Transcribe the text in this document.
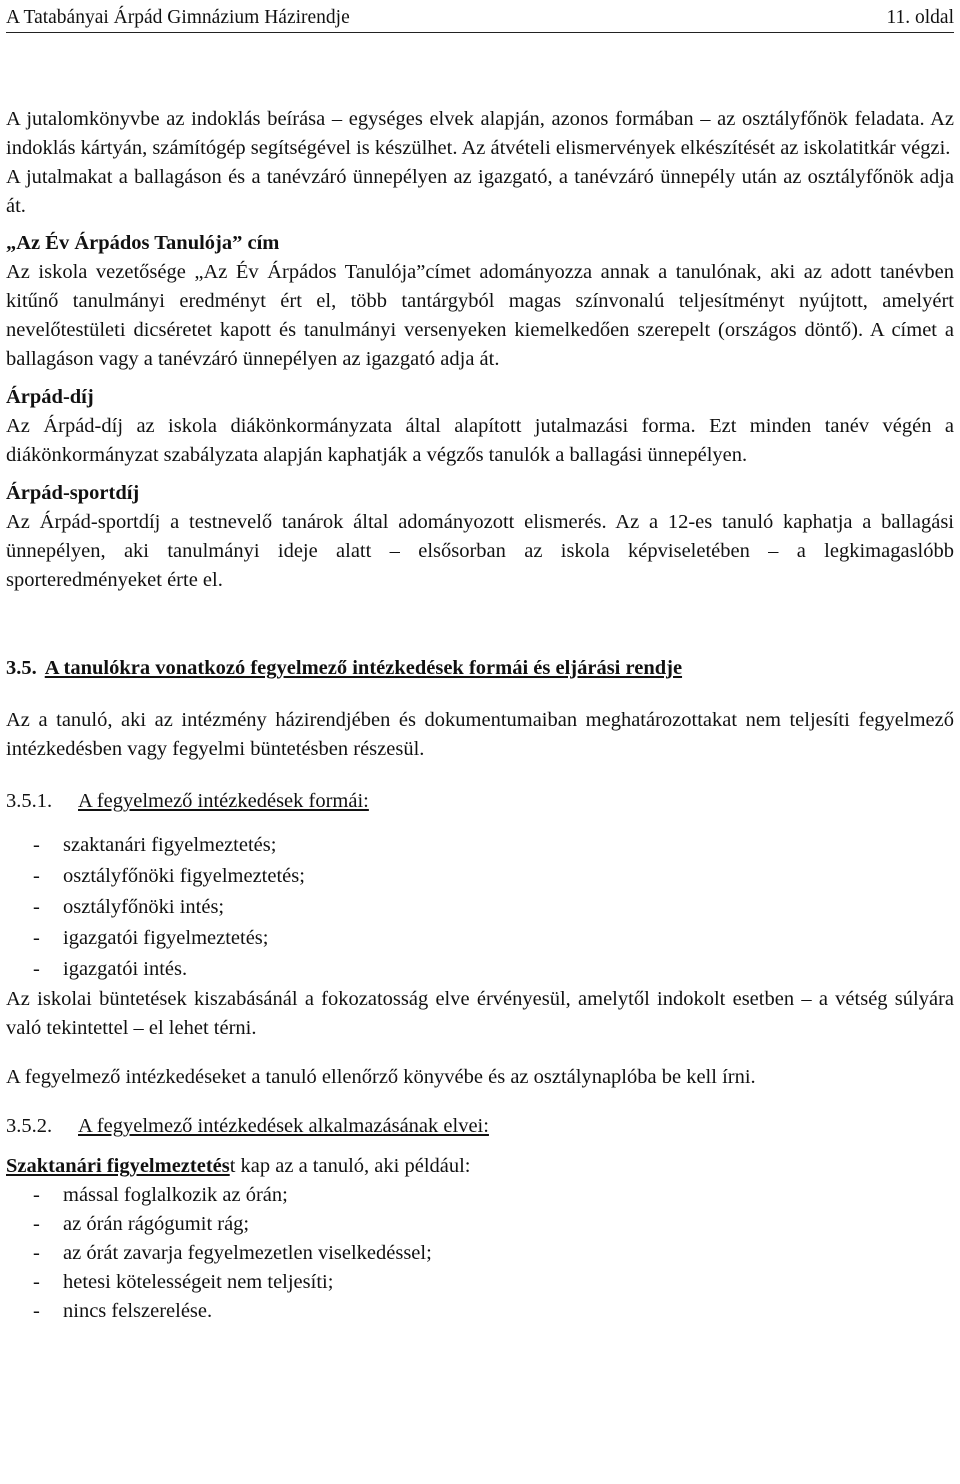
A Tatabányai Árpád Gimnázium Házirendje	11. oldal

A jutalomkönyvbe az indoklás beírása – egységes elvek alapján, azonos formában – az osztályfőnök feladata. Az indoklás kártyán, számítógép segítségével is készülhet. Az átvételi elismervények elkészítését az iskolatitkár végzi.

A jutalmakat a ballagáson és a tanévzáró ünnepélyen az igazgató, a tanévzáró ünnepély után az osztályfőnök adja át.

„Az Év Árpádos Tanulója” cím

Az iskola vezetősége „Az Év Árpádos Tanulója”címet adományozza annak a tanulónak, aki az adott tanévben kitűnő tanulmányi eredményt ért el, több tantárgyból magas színvonalú teljesítményt nyújtott, amelyért nevelőtestületi dicséretet kapott és tanulmányi versenyeken kiemelkedően szerepelt (országos döntő). A címet a ballagáson vagy a tanévzáró ünnepélyen az igazgató adja át.

Árpád-díj

Az Árpád-díj az iskola diákönkormányzata által alapított jutalmazási forma. Ezt minden tanév végén a diákönkormányzat szabályzata alapján kaphatják a végzős tanulók a ballagási ünnepélyen.

Árpád-sportdíj

Az Árpád-sportdíj a testnevelő tanárok által adományozott elismerés. Az a 12-es tanuló kaphatja a ballagási ünnepélyen, aki tanulmányi ideje alatt – elsősorban az iskola képviseletében – a legkimagaslóbb sporteredményeket érte el.

3.5. A tanulókra vonatkozó fegyelmező intézkedések formái és eljárási rendje

Az a tanuló, aki az intézmény házirendjében és dokumentumaiban meghatározottakat nem teljesíti fegyelmező intézkedésben vagy fegyelmi büntetésben részesül.

3.5.1. A fegyelmező intézkedések formái:

- szaktanári figyelmeztetés;
- osztályfőnöki figyelmeztetés;
- osztályfőnöki intés;
- igazgatói figyelmeztetés;
- igazgatói intés.

Az iskolai büntetések kiszabásánál a fokozatosság elve érvényesül, amelytől indokolt esetben – a vétség súlyára való tekintettel – el lehet térni.

A fegyelmező intézkedéseket a tanuló ellenőrző könyvébe és az osztálynaplóba be kell írni.

3.5.2. A fegyelmező intézkedések alkalmazásának elvei:

Szaktanári figyelmeztetést kap az a tanuló, aki például:

- mással foglalkozik az órán;
- az órán rágógumit rág;
- az órát zavarja fegyelmezetlen viselkedéssel;
- hetesi kötelességeit nem teljesíti;
- nincs felszerelése.
